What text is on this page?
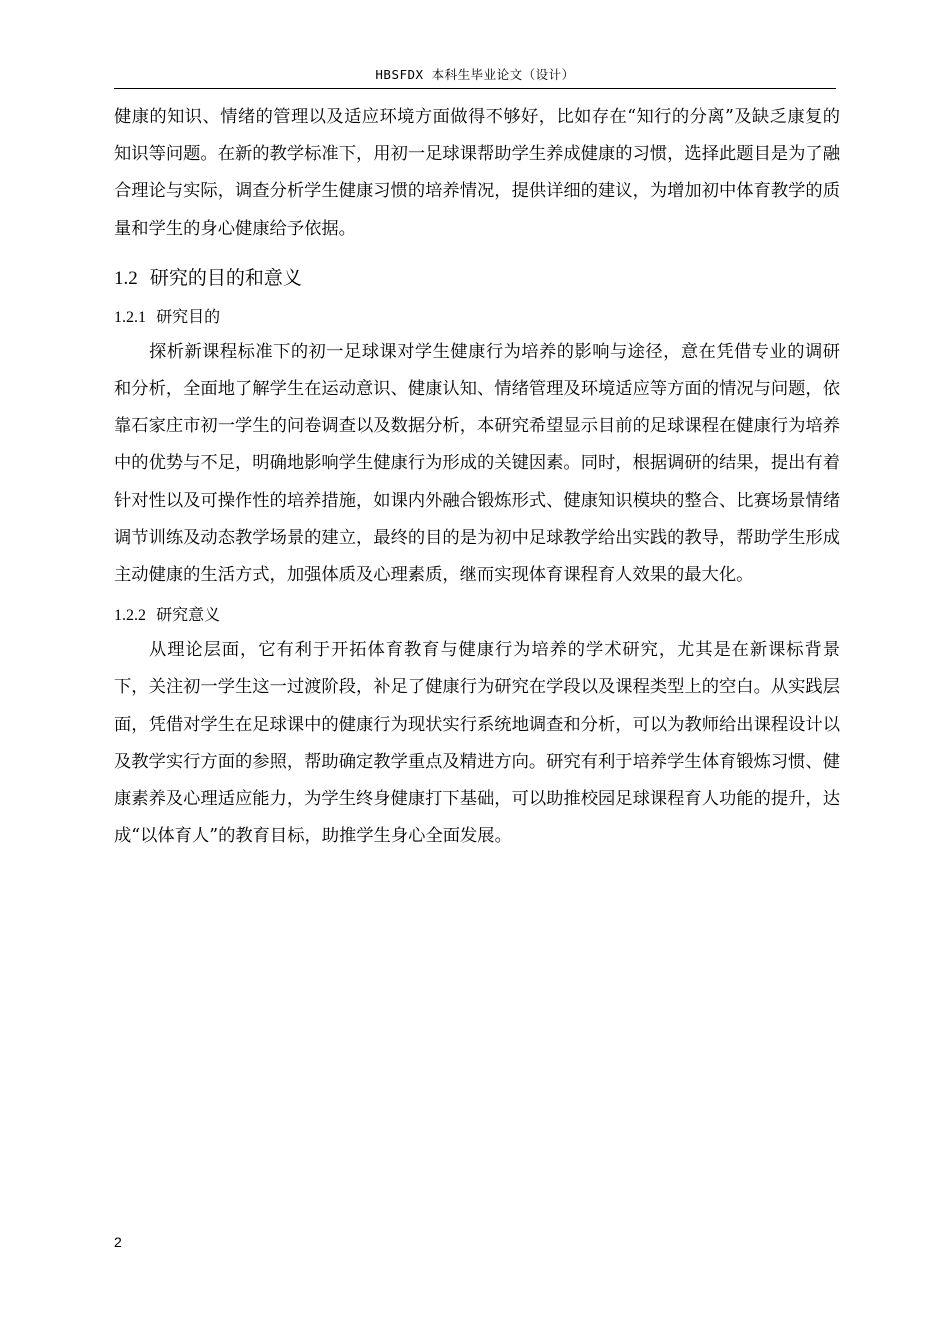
HBSFDX 本科生毕业论文（设计）

健康的知识、情绪的管理以及适应环境方面做得不够好，比如存在“知行的分离”及缺乏康复的知识等问题。在新的教学标准下，用初一足球课帮助学生养成健康的习惯，选择此题目是为了融合理论与实际，调查分析学生健康习惯的培养情况，提供详细的建议，为增加初中体育教学的质量和学生的身心健康给予依据。

1.2 研究的目的和意义
1.2.1 研究目的

探析新课程标准下的初一足球课对学生健康行为培养的影响与途径，意在凭借专业的调研和分析，全面地了解学生在运动意识、健康认知、情绪管理及环境适应等方面的情况与问题，依靠石家庄市初一学生的问卷调查以及数据分析，本研究希望显示目前的足球课程在健康行为培养中的优势与不足，明确地影响学生健康行为形成的关键因素。同时，根据调研的结果，提出有着针对性以及可操作性的培养措施，如课内外融合锻炼形式、健康知识模块的整合、比赛场景情绪调节训练及动态教学场景的建立，最终的目的是为初中足球教学给出实践的教导，帮助学生形成主动健康的生活方式，加强体质及心理素质，继而实现体育课程育人效果的最大化。

1.2.2 研究意义

从理论层面，它有利于开拓体育教育与健康行为培养的学术研究，尤其是在新课标背景下，关注初一学生这一过渡阶段，补足了健康行为研究在学段以及课程类型上的空白。从实践层面，凭借对学生在足球课中的健康行为现状实行系统地调查和分析，可以为教师给出课程设计以及教学实行方面的参照，帮助确定教学重点及精进方向。研究有利于培养学生体育锻炼习惯、健康素养及心理适应能力，为学生终身健康打下基础，可以助推校园足球课程育人功能的提升，达成“以体育人”的教育目标，助推学生身心全面发展。

2
